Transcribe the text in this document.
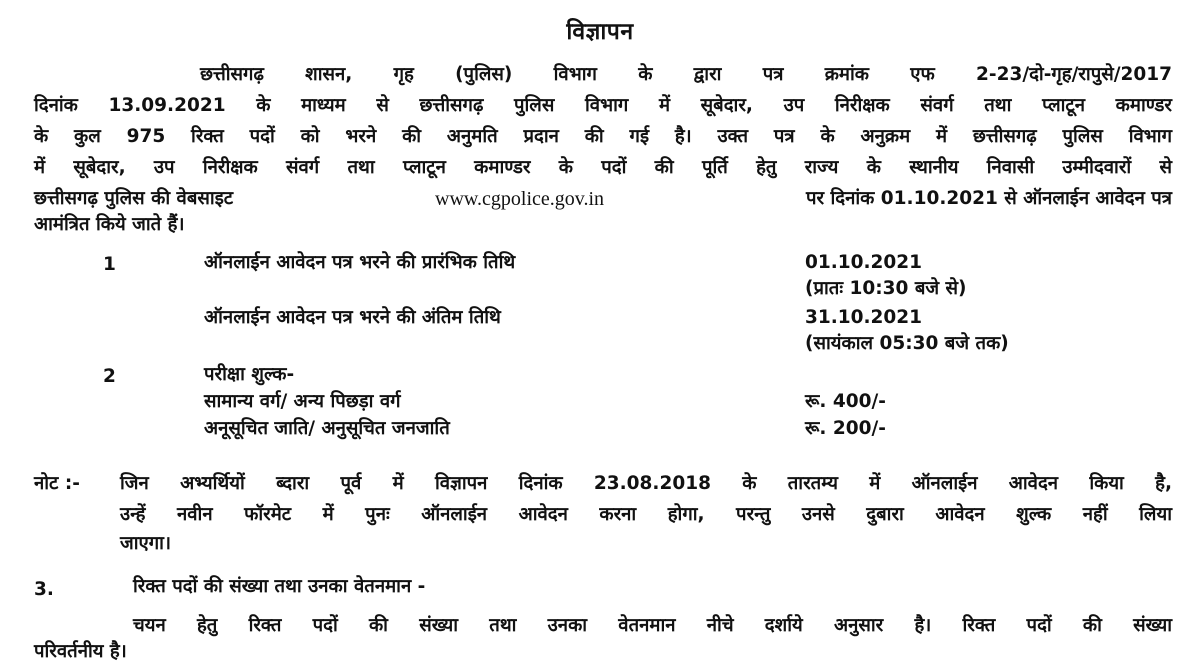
विज्ञापन
छत्तीसगढ़ शासन, गृह (पुलिस) विभाग के द्वारा पत्र क्रमांक एफ 2-23/दो-गृह/रापुसे/2017
दिनांक 13.09.2021 के माध्यम से छत्तीसगढ़ पुलिस विभाग में सूबेदार, उप निरीक्षक संवर्ग तथा प्लाटून कमाण्डर
के कुल 975 रिक्त पदों को भरने की अनुमति प्रदान की गई है। उक्त पत्र के अनुक्रम में छत्तीसगढ़ पुलिस विभाग
में सूबेदार, उप निरीक्षक संवर्ग तथा प्लाटून कमाण्डर के पदों की पूर्ति हेतु राज्य के स्थानीय निवासी उम्मीदवारों से
छत्तीसगढ़ पुलिस की वेबसाइट	www.cgpolice.gov.in	पर दिनांक 01.10.2021 से ऑनलाईन आवेदन पत्र
आमंत्रित किये जाते हैं।
1	ऑनलाईन आवेदन पत्र भरने की प्रारंभिक तिथि	01.10.2021
(प्रातः 10:30 बजे से)
ऑनलाईन आवेदन पत्र भरने की अंतिम तिथि	31.10.2021
(सायंकाल 05:30 बजे तक)
2	परीक्षा शुल्क-
सामान्य वर्ग/ अन्य पिछड़ा वर्ग	रू. 400/-
अनूसूचित जाति/ अनुसूचित जनजाति	रू. 200/-
नोट :- जिन अभ्यर्थियों ब्दारा पूर्व में विज्ञापन दिनांक 23.08.2018 के तारतम्य में ऑनलाईन आवेदन किया है,
उन्हें नवीन फॉरमेट में पुनः ऑनलाईन आवेदन करना होगा, परन्तु उनसे दुबारा आवेदन शुल्क नहीं लिया
जाएगा।
3.	रिक्त पदों की संख्या तथा उनका वेतनमान -
चयन हेतु रिक्त पदों की संख्या तथा उनका वेतनमान नीचे दर्शाये अनुसार है। रिक्त पदों की संख्या
परिवर्तनीय है।
